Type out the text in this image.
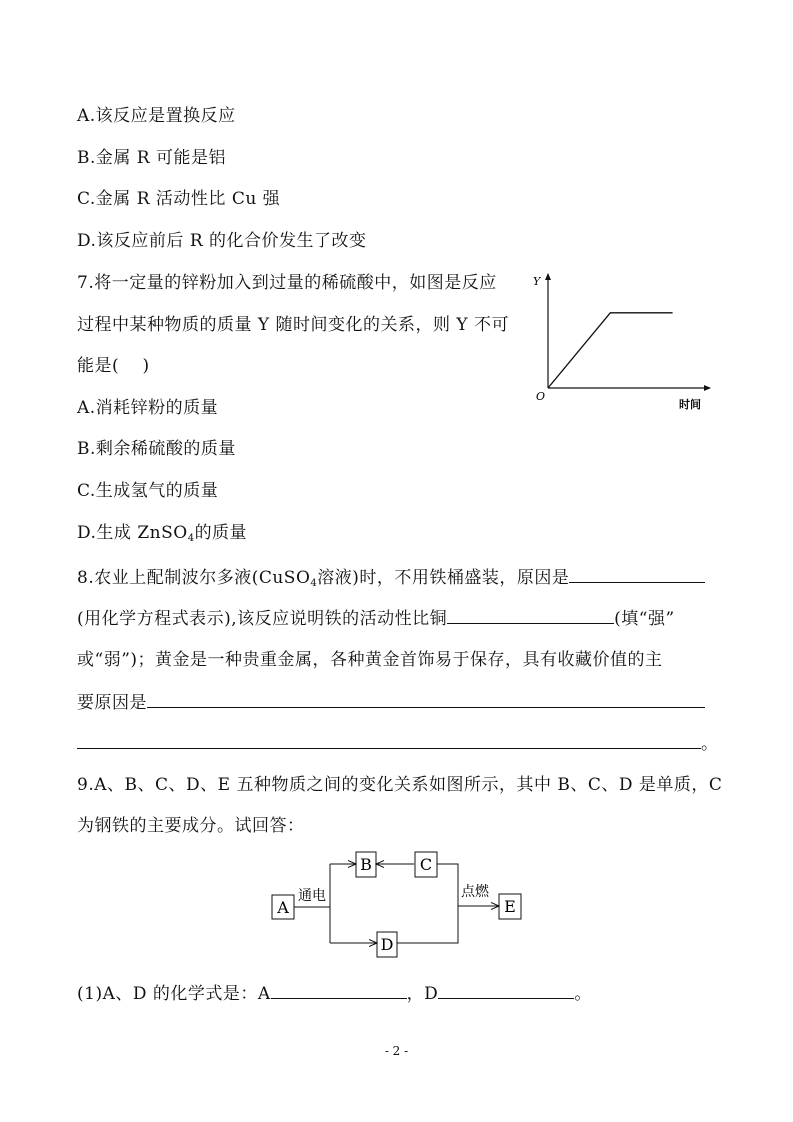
A.该反应是置换反应
B.金属 R 可能是铝
C.金属 R 活动性比 Cu 强
D.该反应前后 R 的化合价发生了改变
7.将一定量的锌粉加入到过量的稀硫酸中，如图是反应
过程中某种物质的质量 Y 随时间变化的关系，则 Y 不可
能是(　 )
A.消耗锌粉的质量
B.剩余稀硫酸的质量
C.生成氢气的质量
D.生成 ZnSO$_4$的质量
Y
O
时间
8.农业上配制波尔多液(CuSO$_4$溶液)时，不用铁桶盛装，原因是
(用化学方程式表示),该反应说明铁的活动性比铜	(填“强”
或“弱”)；黄金是一种贵重金属，各种黄金首饰易于保存，具有收藏价值的主
要原因是
。
9.A、B、C、D、E 五种物质之间的变化关系如图所示，其中 B、C、D 是单质，C
为钢铁的主要成分。试回答：
A
B	C
D
E
通电	点燃
(1)A、D 的化学式是：A	，D	。
- 2 -
